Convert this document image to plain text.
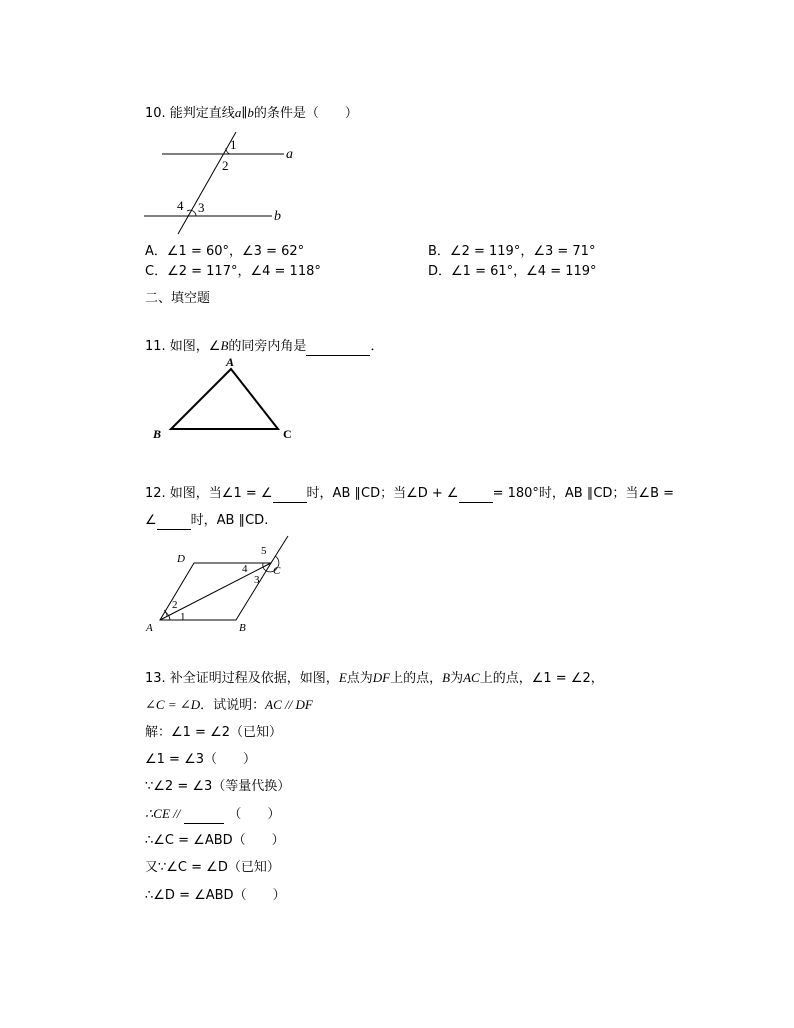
10. 能判定直线a∥b的条件是（　　）
1
2
3
4
a
b
A．∠1 = 60°，∠3 = 62°	B．∠2 = 119°，∠3 = 71°
C．∠2 = 117°，∠4 = 118°	D．∠1 = 61°，∠4 = 119°
二、填空题
11. 如图，∠B的同旁内角是	．
A
B	C
12. 如图，当∠1 = ∠	时，AB ∥CD；当∠D + ∠	= 180°时，AB ∥CD；当∠B =
∠	时，AB ∥CD.
D
C
A	B
1
2
3
4
5
13. 补全证明过程及依据，如图，E点为DF上的点，B为AC上的点，∠1 = ∠2，
∠C = ∠D．试说明：AC // DF
解：∠1 = ∠2（已知）
∠1 = ∠3（　　）
∵∠2 = ∠3（等量代换）
∴CE //	（　　）
∴∠C = ∠ABD（　　）
又∵∠C = ∠D（已知）
∴∠D = ∠ABD（　　）
